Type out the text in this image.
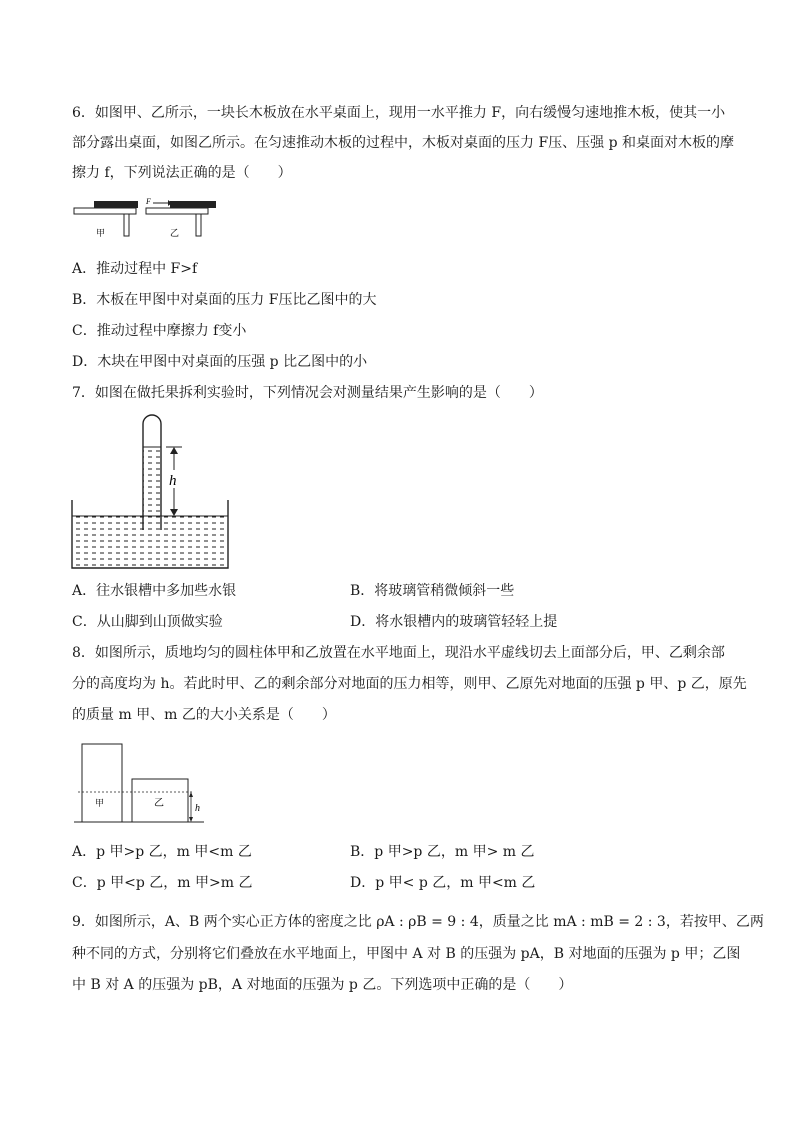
6．如图甲、乙所示，一块长木板放在水平桌面上，现用一水平推力 F，向右缓慢匀速地推木板，使其一小
部分露出桌面，如图乙所示。在匀速推动木板的过程中，木板对桌面的压力 F压、压强 p 和桌面对木板的摩
擦力 f，下列说法正确的是（　　）
甲	乙
F
A．推动过程中 F>f
B．木板在甲图中对桌面的压力 F压比乙图中的大
C．推动过程中摩擦力 f变小
D．木块在甲图中对桌面的压强 p 比乙图中的小
7．如图在做托果拆利实验时，下列情况会对测量结果产生影响的是（　　）
h
A．往水银槽中多加些水银	B．将玻璃管稍微倾斜一些
C．从山脚到山顶做实验	D．将水银槽内的玻璃管轻轻上提
8．如图所示，质地均匀的圆柱体甲和乙放置在水平地面上，现沿水平虚线切去上面部分后，甲、乙剩余部
分的高度均为 h。若此时甲、乙的剩余部分对地面的压力相等，则甲、乙原先对地面的压强 p 甲、p 乙，原先
的质量 m 甲、m 乙的大小关系是（　　）
甲	乙	h
A．p 甲>p 乙，m 甲<m 乙	B．p 甲>p 乙，m 甲> m 乙
C．p 甲<p 乙，m 甲>m 乙	D．p 甲< p 乙，m 甲<m 乙
9．如图所示，A、B 两个实心正方体的密度之比 ρA : ρB = 9 : 4，质量之比 mA : mB = 2 : 3，若按甲、乙两
种不同的方式，分别将它们叠放在水平地面上，甲图中 A 对 B 的压强为 pA，B 对地面的压强为 p 甲；乙图
中 B 对 A 的压强为 pB，A 对地面的压强为 p 乙。下列选项中正确的是（　　）
